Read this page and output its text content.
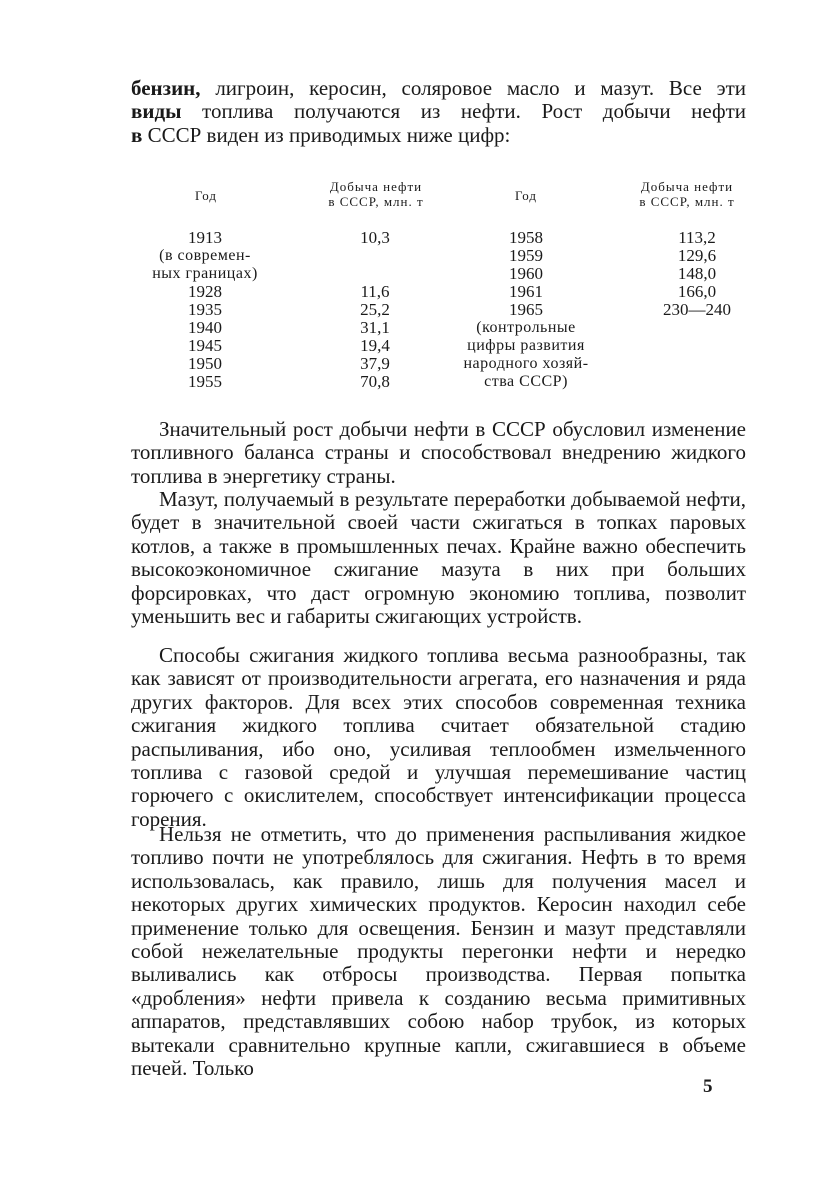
бензин, лигроин, керосин, соляровое масло и мазут. Все эти
виды топлива получаются из нефти. Рост добычи нефти
в СССР виден из приводимых ниже цифр:
Год
Добыча нефти
в СССР, млн. т	Год
Добыча нефти
в СССР, млн. т
1913
(в современ-
ных границах)
1928
1935
1940
1945
1950
1955
10,3
11,6
25,2
31,1
19,4
37,9
70,8
1958
1959
1960
1961
1965
(контрольные
цифры развития
народного хозяй-
ства СССР)
113,2
129,6
148,0
166,0
230—240

Значительный рост добычи нефти в СССР обусловил изменение топливного баланса страны и способствовал внедрению жидкого топлива в энергетику страны.

Мазут, получаемый в результате переработки добываемой нефти, будет в значительной своей части сжигаться в топках паровых котлов, а также в промышленных печах. Крайне важно обеспечить высокоэкономичное сжигание мазута в них при больших форсировках, что даст огромную экономию топлива, позволит уменьшить вес и габариты сжигающих устройств.

Способы сжигания жидкого топлива весьма разнообразны, так как зависят от производительности агрегата, его назначения и ряда других факторов. Для всех этих способов современная техника сжигания жидкого топлива считает обязательной стадию распыливания, ибо оно, усиливая теплообмен измельченного топлива с газовой средой и улучшая перемешивание частиц горючего с окислителем, способствует интенсификации процесса горения.

Нельзя не отметить, что до применения распыливания жидкое топливо почти не употреблялось для сжигания. Нефть в то время использовалась, как правило, лишь для получения масел и некоторых других химических продуктов. Керосин находил себе применение только для освещения. Бензин и мазут представляли собой нежелательные продукты перегонки нефти и нередко выливались как отбросы производства. Первая попытка «дробления» нефти привела к созданию весьма примитивных аппаратов, представлявших собою набор трубок, из которых вытекали сравнительно крупные капли, сжигавшиеся в объеме печей. Только

5
